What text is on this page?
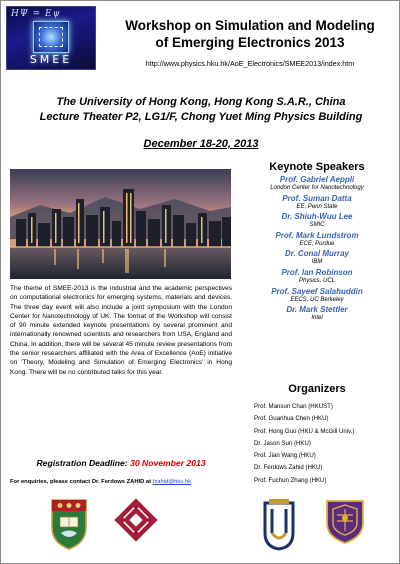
HΨ = Eψ
SMEE
Workshop on Simulation and Modeling
of Emerging Electronics 2013
http://www.physics.hku.hk/AoE_Electronics/SMEE2013/index.htm
The University of Hong Kong, Hong Kong S.A.R., China
Lecture Theater P2, LG1/F, Chong Yuet Ming Physics Building
December 18-20, 2013
The theme of SMEE-2013 is the industrial and the academic perspectives on computational electronics for emerging systems, materials and devices. The three day event will also include a joint symposium with the London Center for Nanotechnology of UK. The format of the Workshop will consist of 90 minute extended keynote presentations by several prominent and internationally renowned scientists and researchers from USA, England and China. In addition, there will be several 45 minute review presentations from the senior researchers affiliated with the Area of Excellence (AoE) initiative on 'Theory, Modeling and Simulation of Emerging Electronics' in Hong Kong. There will be no contributed talks for this year.
Registration Deadline: 30 November 2013
For enquiries, please contact Dr. Ferdows ZAHID at fzahid@hku.hk
Keynote Speakers
Prof. Gabriel Aeppli
London Center for Nanotechnology
Prof. Suman Datta
EE, Penn State
Dr. Shiuh-Wuu Lee
SMIC
Prof. Mark Lundstrom
ECE, Purdue
Dr. Conal Murray
IBM
Prof. Ian Robinson
Physics, UCL
Prof. Sayeef Salahuddin
EECS, UC Berkeley
Dr. Mark Stettler
Intel
Organizers
Prof. Mansun Chan (HKUST)
Prof. Guanhua Chen (HKU)
Prof. Hong Guo (HKU & McGill Univ.)
Dr. Jason Sun (HKU)
Prof. Jian Wang (HKU)
Dr. Ferdows Zahid (HKU)
Prof. Fuchun Zhang (HKU)
